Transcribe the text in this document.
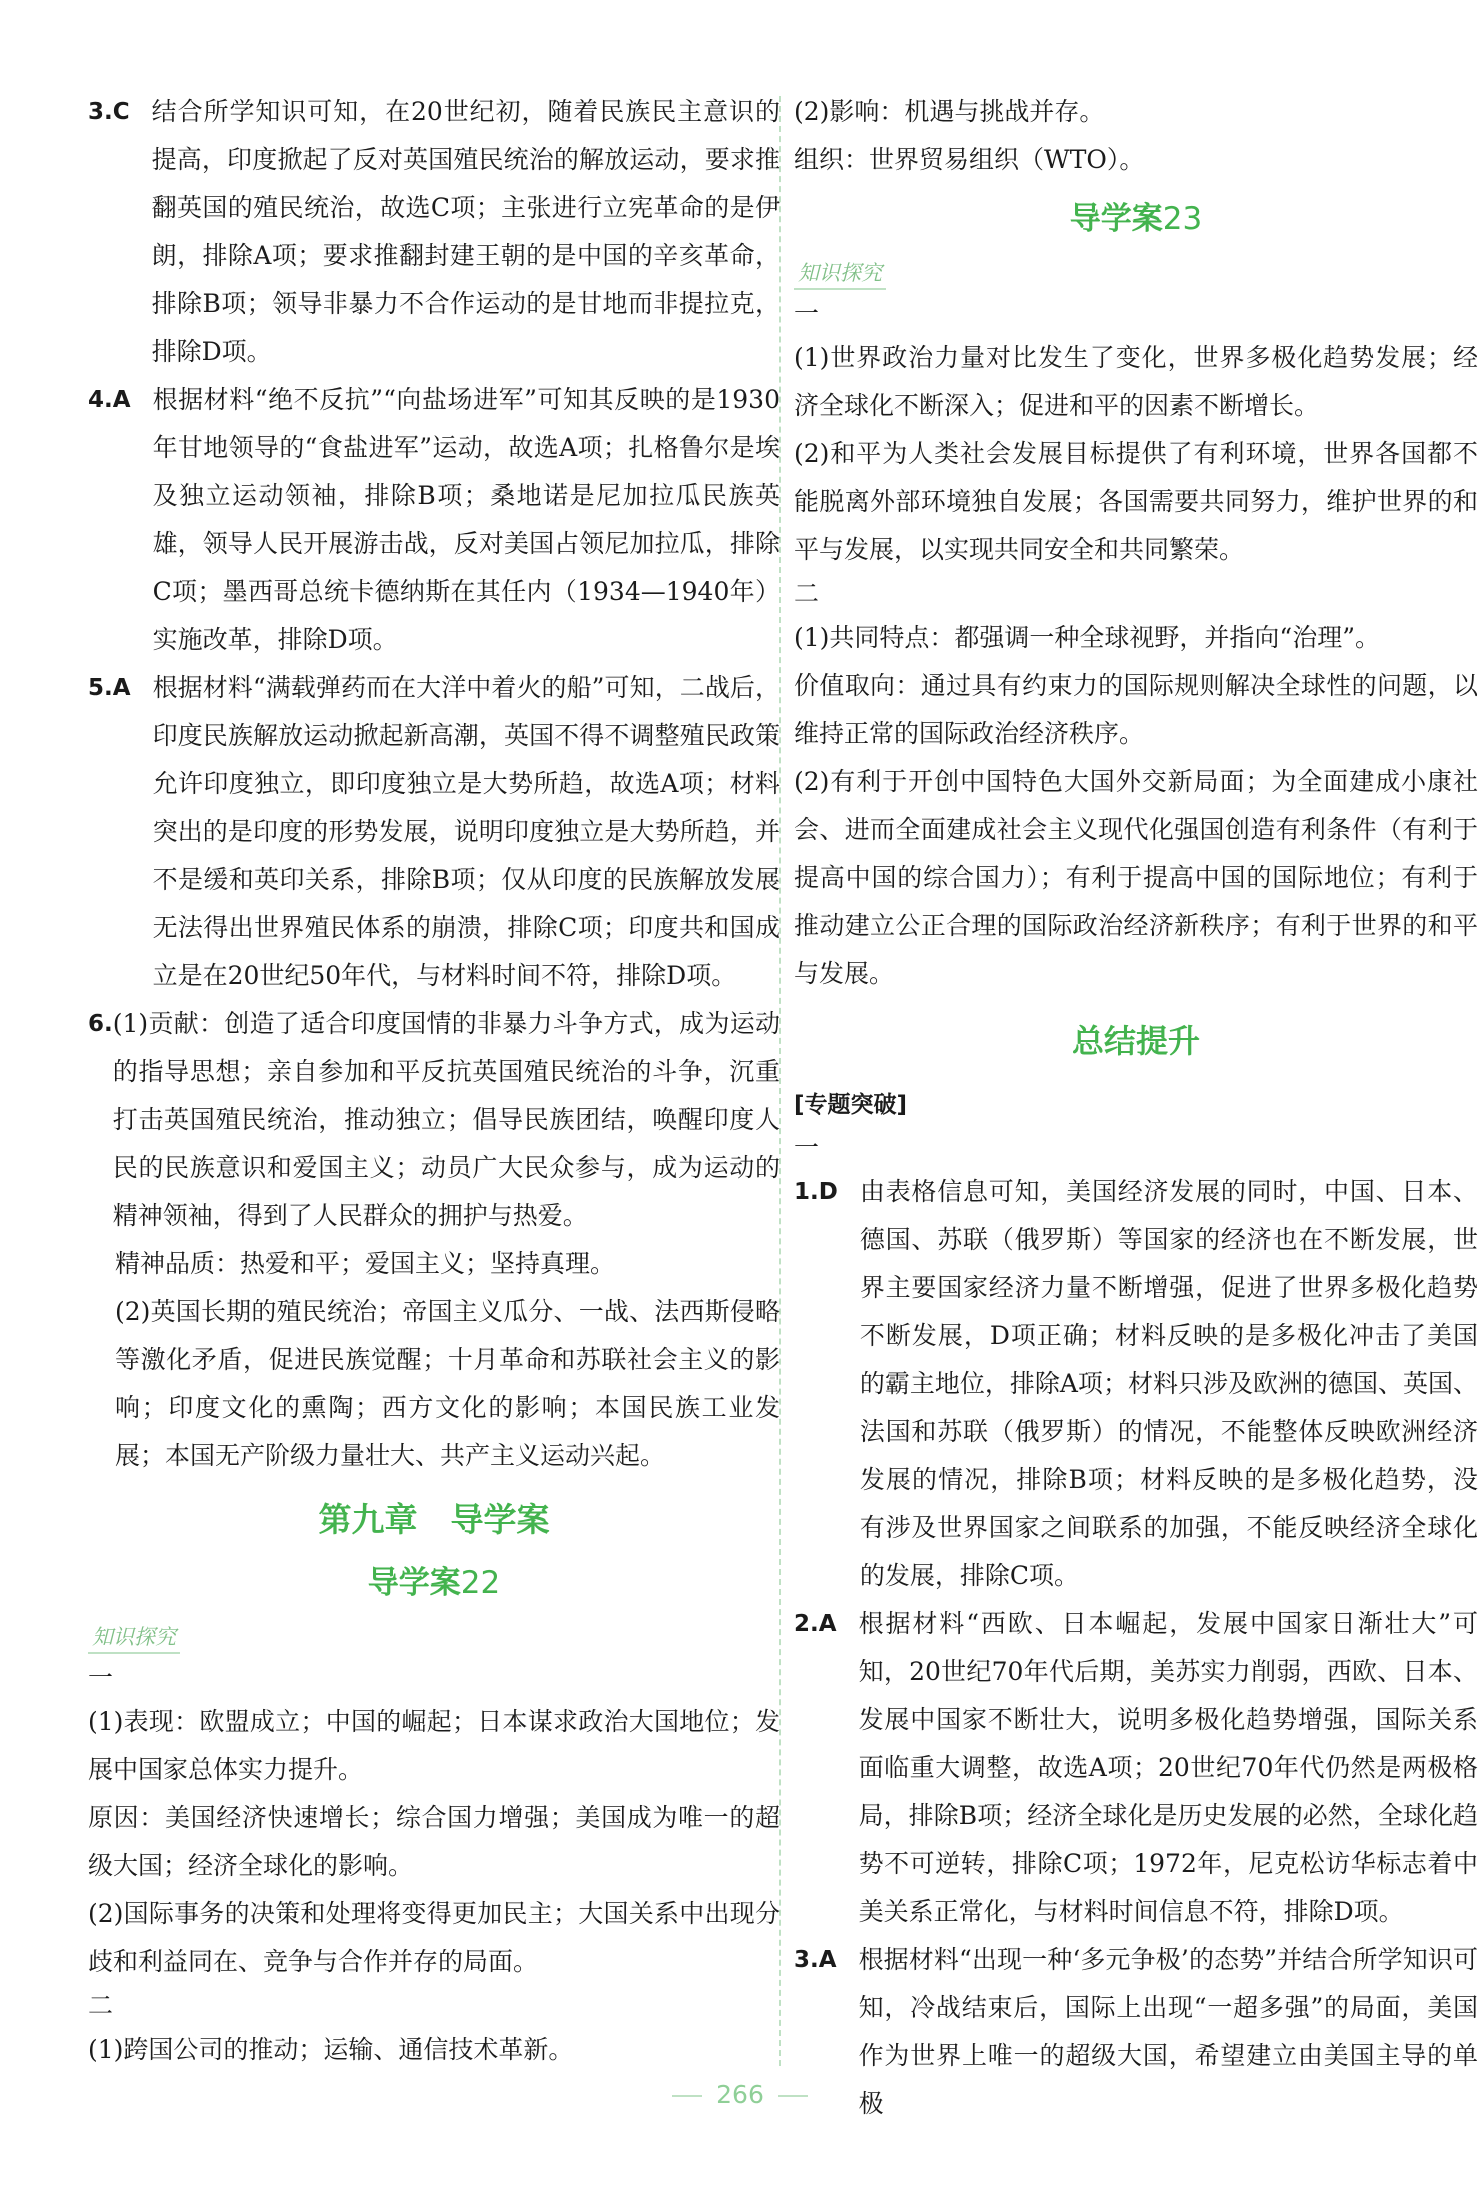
3.C 结合所学知识可知，在20世纪初，随着民族民主意识的提高，印度掀起了反对英国殖民统治的解放运动，要求推翻英国的殖民统治，故选C项；主张进行立宪革命的是伊朗，排除A项；要求推翻封建王朝的是中国的辛亥革命，排除B项；领导非暴力不合作运动的是甘地而非提拉克，排除D项。
4.A 根据材料“绝不反抗”“向盐场进军”可知其反映的是1930年甘地领导的“食盐进军”运动，故选A项；扎格鲁尔是埃及独立运动领袖，排除B项；桑地诺是尼加拉瓜民族英雄，领导人民开展游击战，反对美国占领尼加拉瓜，排除C项；墨西哥总统卡德纳斯在其任内（1934—1940年）实施改革，排除D项。
5.A 根据材料“满载弹药而在大洋中着火的船”可知，二战后，印度民族解放运动掀起新高潮，英国不得不调整殖民政策允许印度独立，即印度独立是大势所趋，故选A项；材料突出的是印度的形势发展，说明印度独立是大势所趋，并不是缓和英印关系，排除B项；仅从印度的民族解放发展无法得出世界殖民体系的崩溃，排除C项；印度共和国成立是在20世纪50年代，与材料时间不符，排除D项。
6. (1)贡献：创造了适合印度国情的非暴力斗争方式，成为运动的指导思想；亲自参加和平反抗英国殖民统治的斗争，沉重打击英国殖民统治，推动独立；倡导民族团结，唤醒印度人民的民族意识和爱国主义；动员广大民众参与，成为运动的精神领袖，得到了人民群众的拥护与热爱。

精神品质：热爱和平；爱国主义；坚持真理。

(2)英国长期的殖民统治；帝国主义瓜分、一战、法西斯侵略等激化矛盾，促进民族觉醒；十月革命和苏联社会主义的影响；印度文化的熏陶；西方文化的影响；本国民族工业发展；本国无产阶级力量壮大、共产主义运动兴起。

第九章　导学案

导学案22

知识探究

一

(1)表现：欧盟成立；中国的崛起；日本谋求政治大国地位；发展中国家总体实力提升。

原因：美国经济快速增长；综合国力增强；美国成为唯一的超级大国；经济全球化的影响。

(2)国际事务的决策和处理将变得更加民主；大国关系中出现分歧和利益同在、竞争与合作并存的局面。

二

(1)跨国公司的推动；运输、通信技术革新。

(2)影响：机遇与挑战并存。

组织：世界贸易组织（WTO）。

导学案23

知识探究

一

(1)世界政治力量对比发生了变化，世界多极化趋势发展；经济全球化不断深入；促进和平的因素不断增长。

(2)和平为人类社会发展目标提供了有利环境，世界各国都不能脱离外部环境独自发展；各国需要共同努力，维护世界的和平与发展，以实现共同安全和共同繁荣。

二

(1)共同特点：都强调一种全球视野，并指向“治理”。

价值取向：通过具有约束力的国际规则解决全球性的问题，以维持正常的国际政治经济秩序。

(2)有利于开创中国特色大国外交新局面；为全面建成小康社会、进而全面建成社会主义现代化强国创造有利条件（有利于提高中国的综合国力）；有利于提高中国的国际地位；有利于推动建立公正合理的国际政治经济新秩序；有利于世界的和平与发展。

总结提升

[专题突破]

一

1.D 由表格信息可知，美国经济发展的同时，中国、日本、德国、苏联（俄罗斯）等国家的经济也在不断发展，世界主要国家经济力量不断增强，促进了世界多极化趋势不断发展，D项正确；材料反映的是多极化冲击了美国的霸主地位，排除A项；材料只涉及欧洲的德国、英国、法国和苏联（俄罗斯）的情况，不能整体反映欧洲经济发展的情况，排除B项；材料反映的是多极化趋势，没有涉及世界国家之间联系的加强，不能反映经济全球化的发展，排除C项。
2.A 根据材料“西欧、日本崛起，发展中国家日渐壮大”可知，20世纪70年代后期，美苏实力削弱，西欧、日本、发展中国家不断壮大，说明多极化趋势增强，国际关系面临重大调整，故选A项；20世纪70年代仍然是两极格局，排除B项；经济全球化是历史发展的必然，全球化趋势不可逆转，排除C项；1972年，尼克松访华标志着中美关系正常化，与材料时间信息不符，排除D项。
3.A 根据材料“出现一种‘多元争极’的态势”并结合所学知识可知，冷战结束后，国际上出现“一超多强”的局面，美国作为世界上唯一的超级大国，希望建立由美国主导的单极
266
